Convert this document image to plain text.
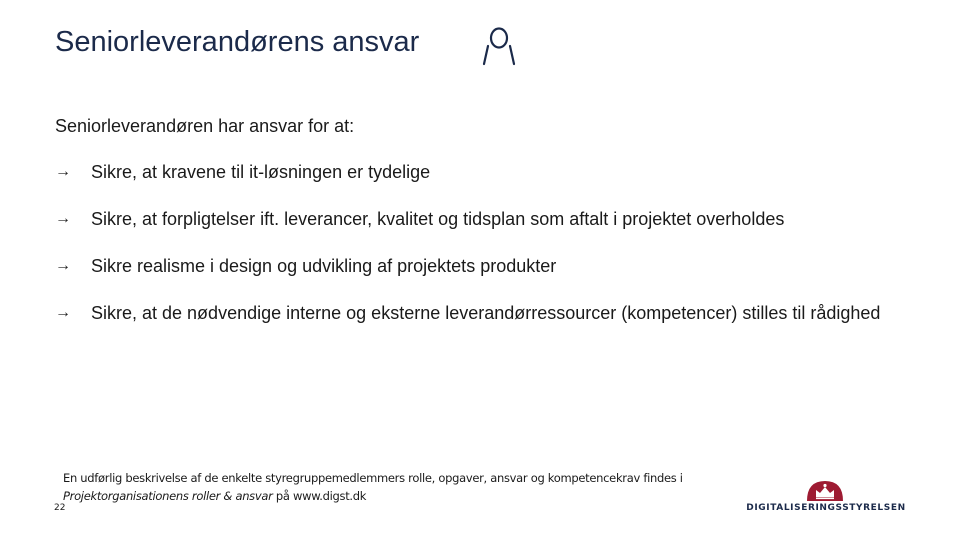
Seniorleverandørens ansvar
Seniorleverandøren har ansvar for at:
→ Sikre, at kravene til it-løsningen er tydelige
→ Sikre, at forpligtelser ift. leverancer, kvalitet og tidsplan som aftalt i projektet overholdes
→ Sikre realisme i design og udvikling af projektets produkter
→ Sikre, at de nødvendige interne og eksterne leverandørressourcer (kompetencer) stilles til rådighed
En udførlig beskrivelse af de enkelte styregruppemedlemmers rolle, opgaver, ansvar og kompetencekrav findes i
Projektorganisationens roller & ansvar på www.digst.dk
22	DIGITALISERINGSSTYRELSEN
